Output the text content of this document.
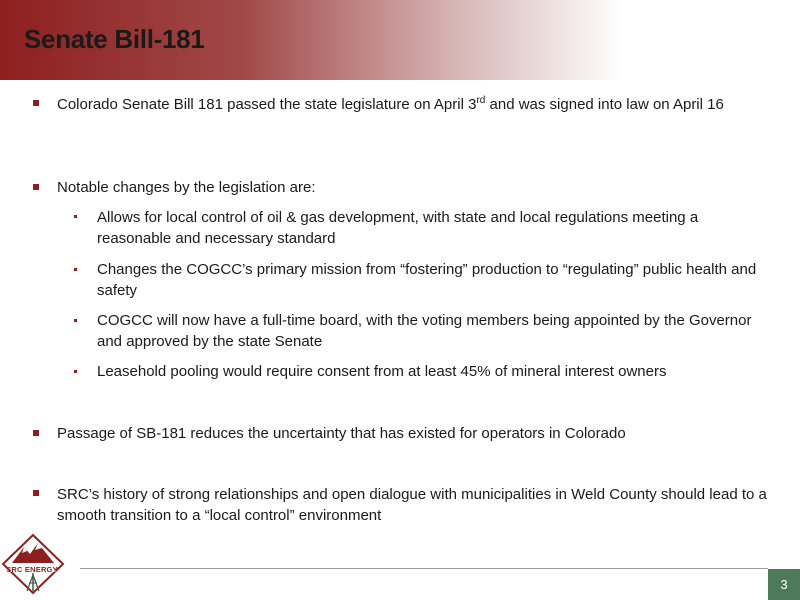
Senate Bill-181
Colorado Senate Bill 181 passed the state legislature on April 3rd and was signed into law on April 16
Notable changes by the legislation are:
Allows for local control of oil & gas development, with state and local regulations meeting a reasonable and necessary standard
Changes the COGCC’s primary mission from “fostering” production to “regulating” public health and safety
COGCC will now have a full-time board, with the voting members being appointed by the Governor and approved by the state Senate
Leasehold pooling would require consent from at least 45% of mineral interest owners
Passage of SB-181 reduces the uncertainty that has existed for operators in Colorado
SRC’s history of strong relationships and open dialogue with municipalities in Weld County should lead to a smooth transition to a “local control” environment
SRC ENERGY
3
